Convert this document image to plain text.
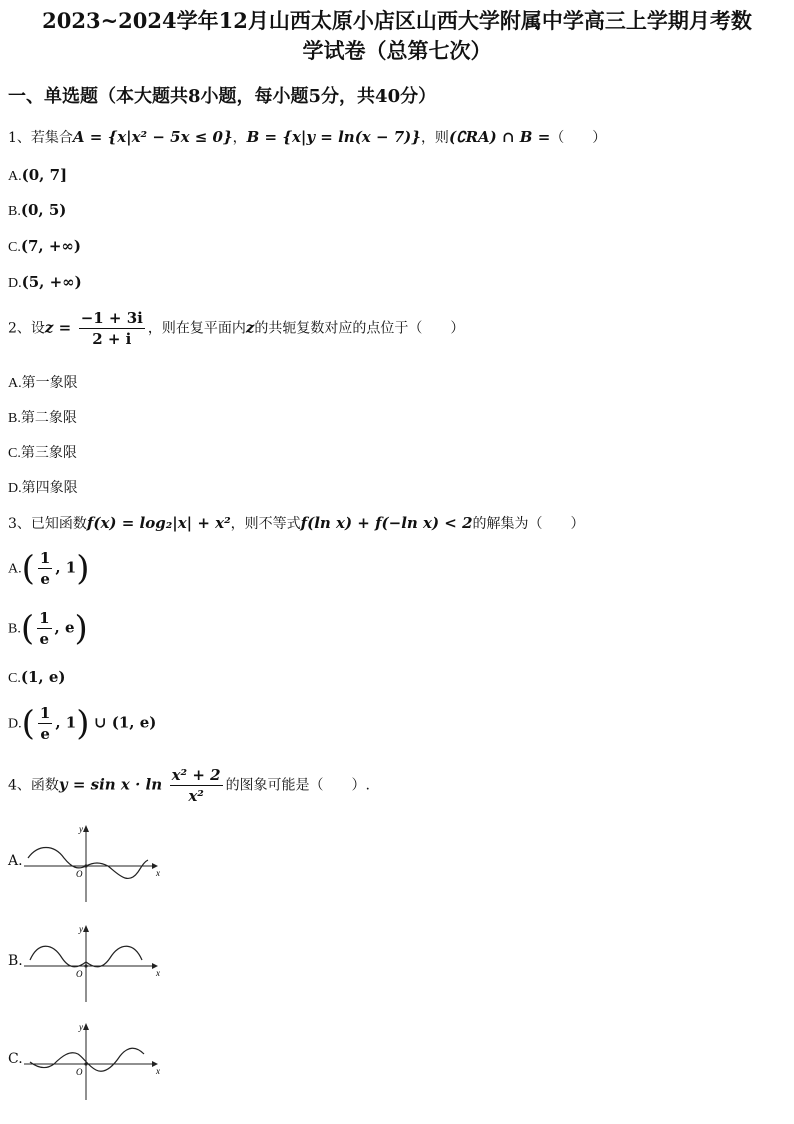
2023~2024学年12月山西太原小店区山西大学附属中学高三上学期月考数
学试卷（总第七次）
一、单选题（本大题共8小题，每小题5分，共40分）
1、若集合A = {x|x² − 5x ≤ 0}，B = {x|y = ln(x − 7)}，则(∁RA) ∩ B =（　　）
A.(0, 7]
B.(0, 5)
C.(7, +∞)
D.(5, +∞)
2、设$z = \frac{-1 + 3i}{2 + i}$ ，则在复平面内z的共轭复数对应的点位于（　　）
A.第一象限
B.第二象限
C.第三象限
D.第四象限
3、已知函数f(x) = log₂|x| + x²，则不等式f(ln x) + f(−ln x) < 2的解集为（　　）
$A.( \frac{1}{e}$ , 1)
$B.( \frac{1}{e}$ , e)
C.(1, e)
$D.( \frac{1}{e}$ , 1) ∪ (1, e)
4、函数$y = \sin x \cdot \ln \frac{\text{x² + 2}}{\text{x²}}$ 的图象可能是（　　）.
A.
y
x
O
B.
y
x
O
C.
y
x
O
